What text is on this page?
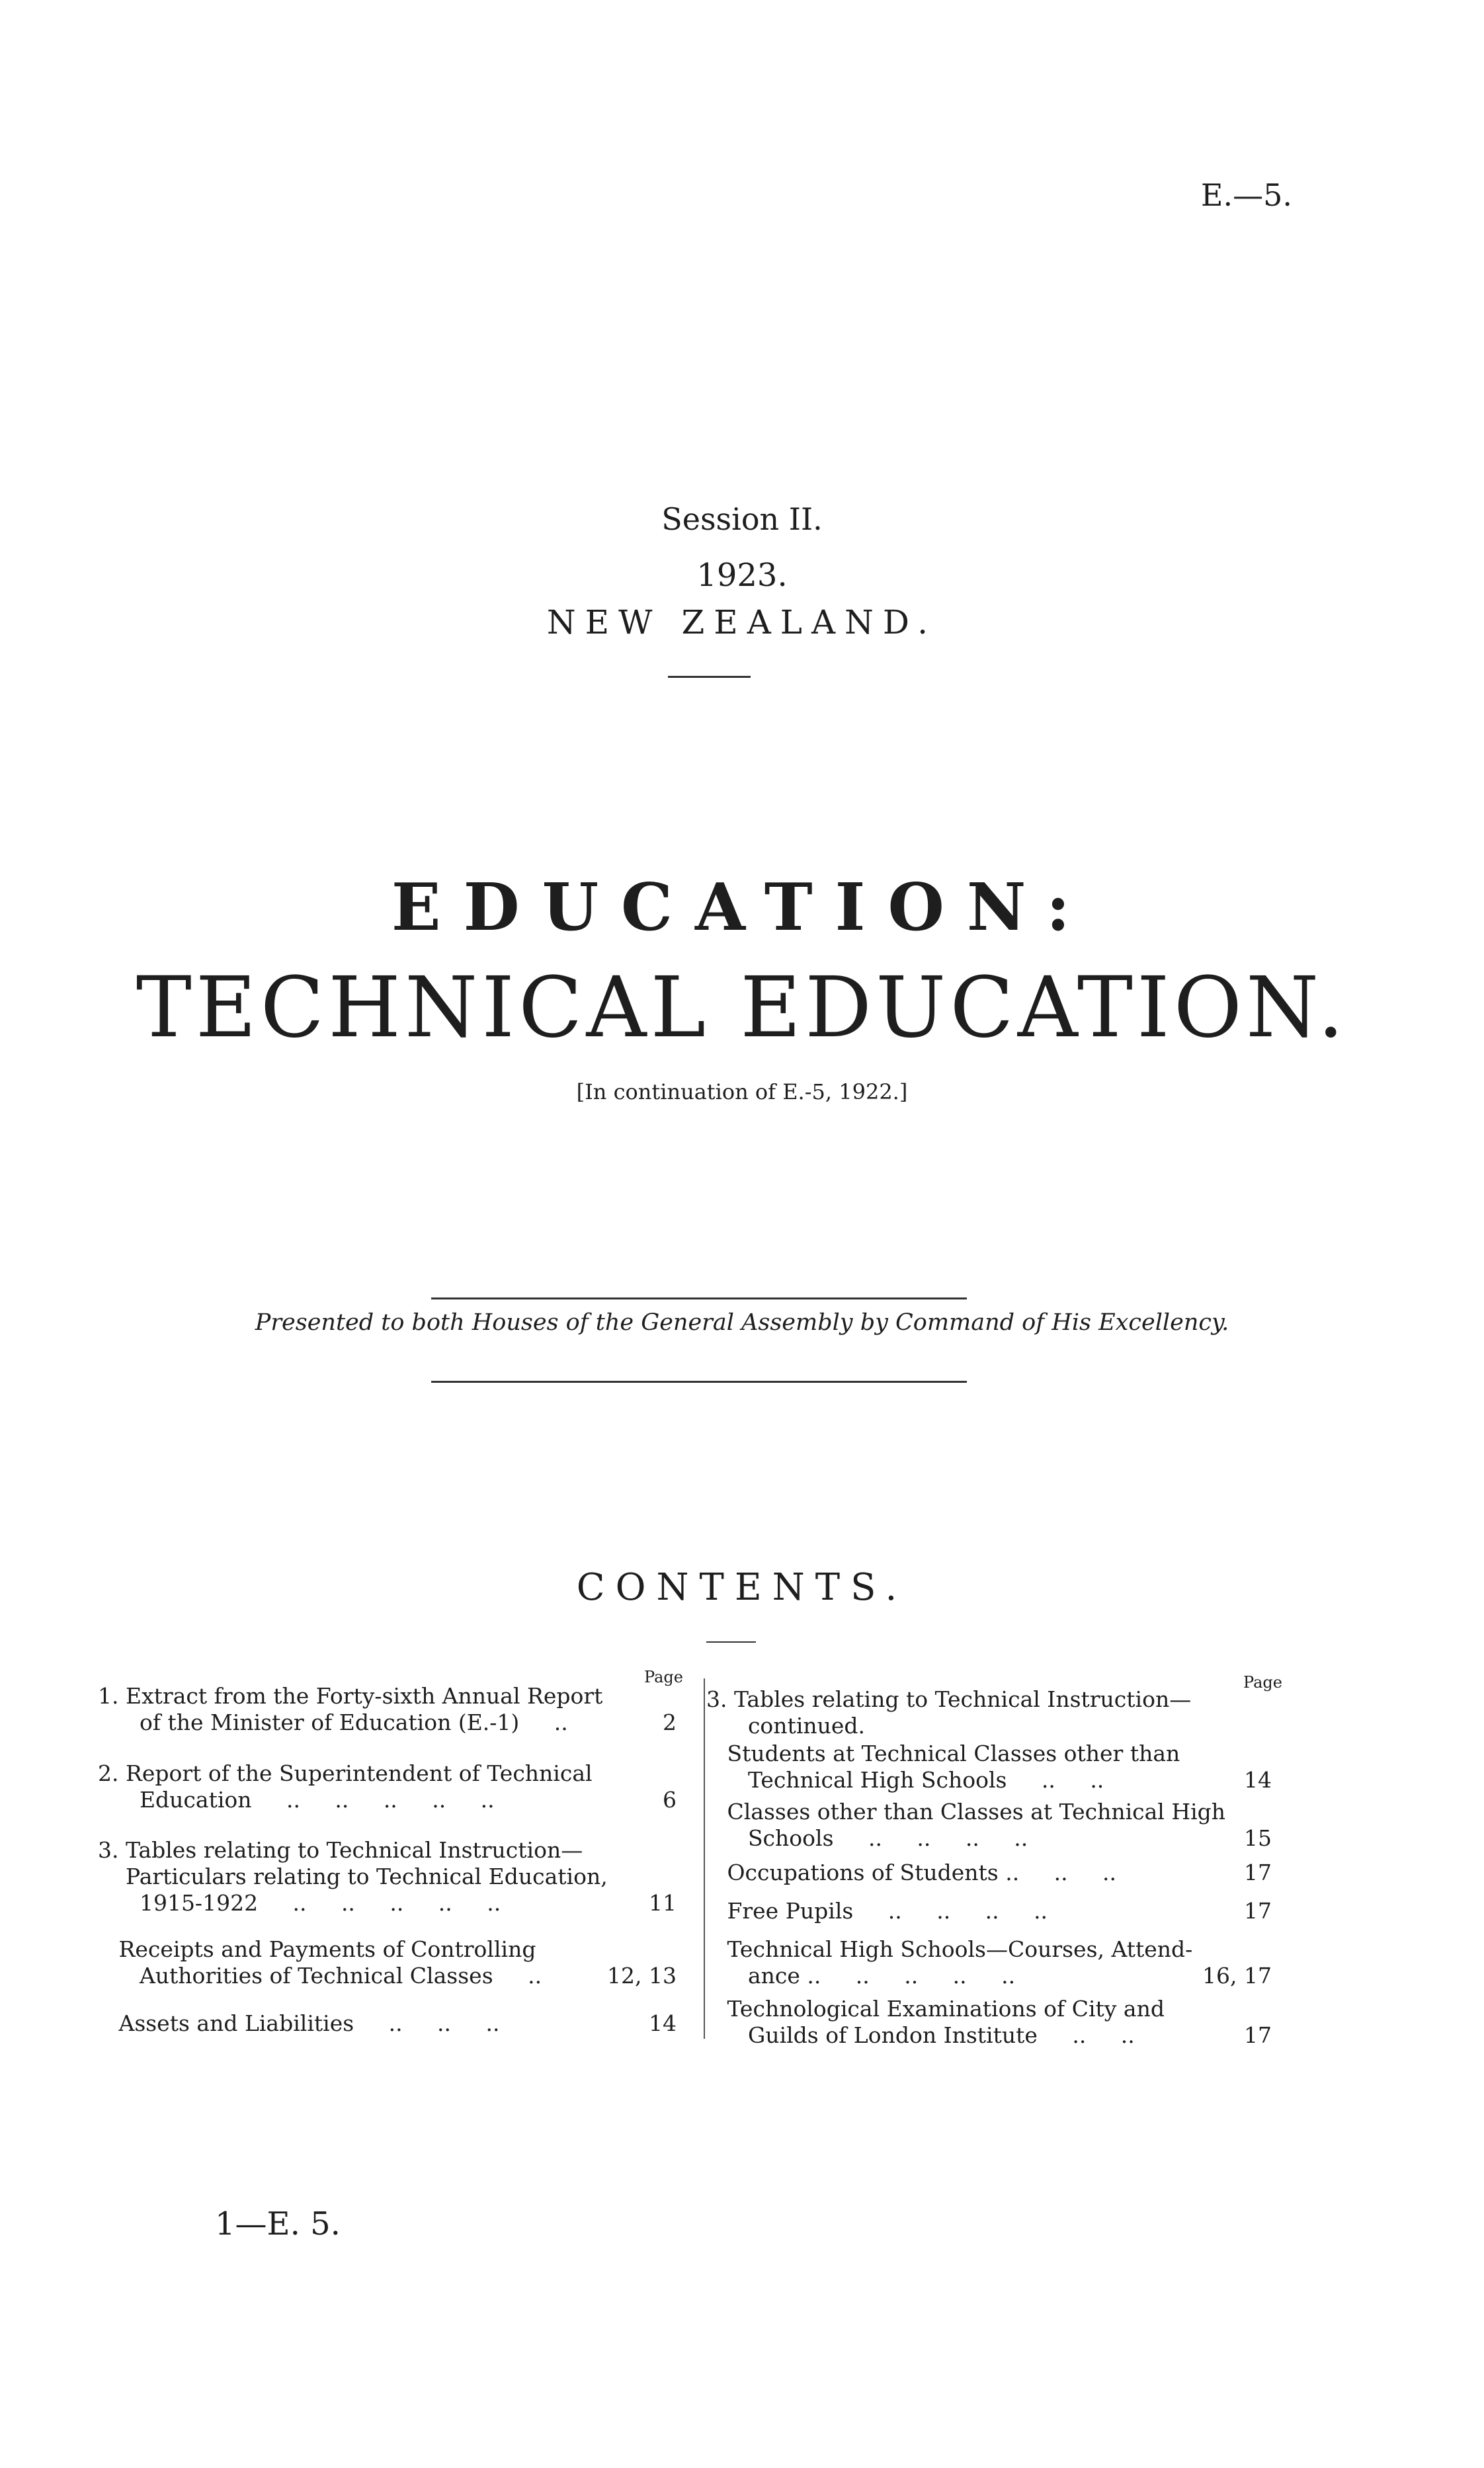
E.—5.
Session II.
1923.
NEW ZEALAND.
EDUCATION:
TECHNICAL EDUCATION.
[In continuation of E.-5, 1922.]
Presented to both Houses of the General Assembly by Command of His Excellency.
CONTENTS.
Page	Page
1. Extract from the Forty-sixth Annual Report
of the Minister of Education (E.-1)     ..	2
2. Report of the Superintendent of Technical
Education     ..     ..     ..     ..     ..	6
3. Tables relating to Technical Instruction—
Particulars relating to Technical Education,
1915-1922     ..     ..     ..     ..     ..	11
Receipts and Payments of Controlling
Authorities of Technical Classes     ..	12, 13
Assets and Liabilities     ..     ..     ..	14
3. Tables relating to Technical Instruction—
continued.
Students at Technical Classes other than
Technical High Schools     ..     ..	14
Classes other than Classes at Technical High
Schools     ..     ..     ..     ..	15
Occupations of Students ..     ..     ..	17
Free Pupils     ..     ..     ..     ..	17
Technical High Schools—Courses, Attend-
ance ..     ..     ..     ..     ..	16, 17
Technological Examinations of City and
Guilds of London Institute     ..     ..	17
1—E. 5.
